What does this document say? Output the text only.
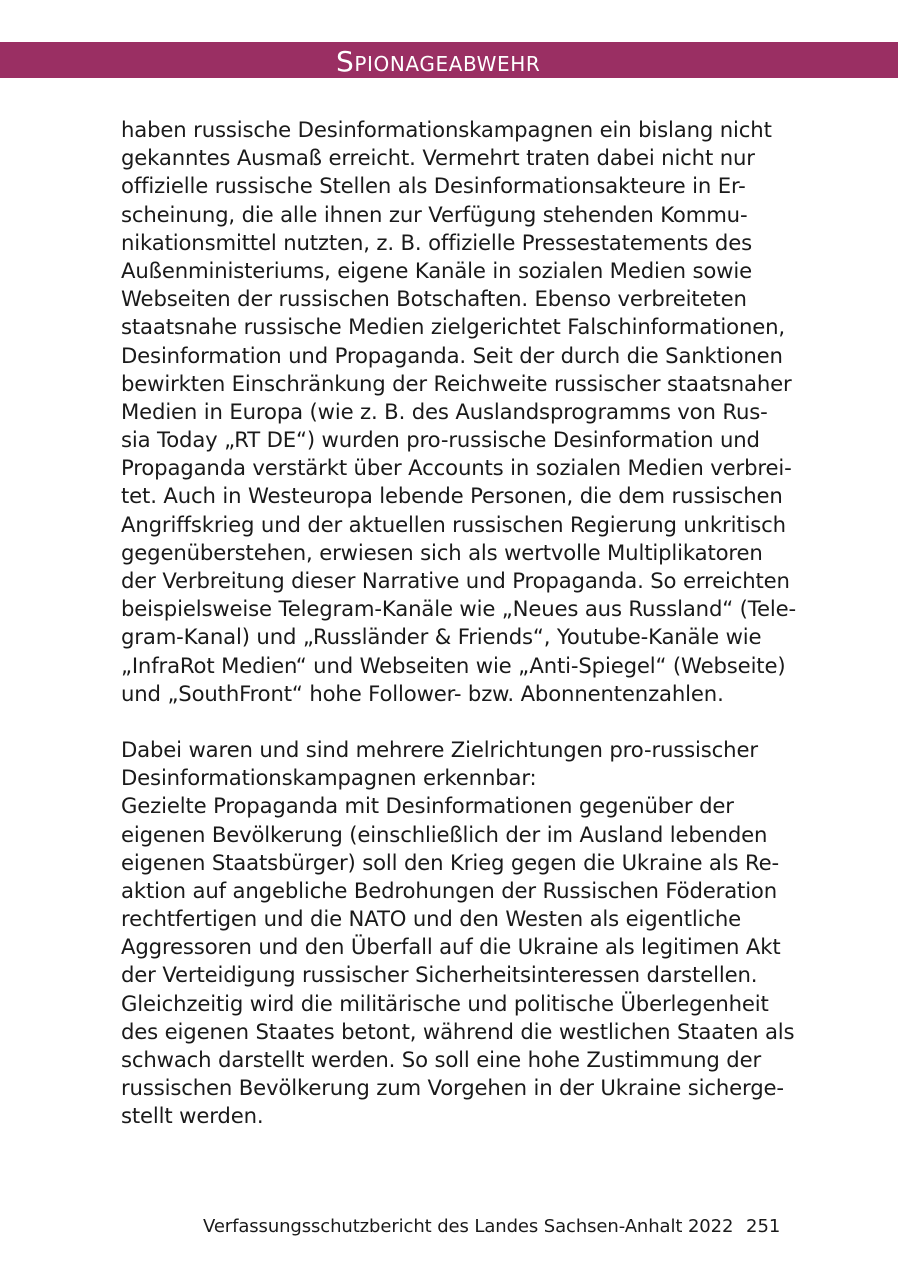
Spionageabwehr
haben russische Desinformationskampagnen ein bislang nicht
gekanntes Ausmaß erreicht. Vermehrt traten dabei nicht nur
offizielle russische Stellen als Desinformationsakteure in Er-
scheinung, die alle ihnen zur Verfügung stehenden Kommu-
nikationsmittel nutzten, z. B. offizielle Pressestatements des
Außenministeriums, eigene Kanäle in sozialen Medien sowie
Webseiten der russischen Botschaften. Ebenso verbreiteten
staatsnahe russische Medien zielgerichtet Falschinformationen,
Desinformation und Propaganda. Seit der durch die Sanktionen
bewirkten Einschränkung der Reichweite russischer staatsnaher
Medien in Europa (wie z. B. des Auslandsprogramms von Rus-
sia Today „RT DE“) wurden pro-russische Desinformation und
Propaganda verstärkt über Accounts in sozialen Medien verbrei-
tet. Auch in Westeuropa lebende Personen, die dem russischen
Angriffskrieg und der aktuellen russischen Regierung unkritisch
gegenüberstehen, erwiesen sich als wertvolle Multiplikatoren
der Verbreitung dieser Narrative und Propaganda. So erreichten
beispielsweise Telegram-Kanäle wie „Neues aus Russland“ (Tele-
gram-Kanal) und „Russländer & Friends“, Youtube-Kanäle wie
„InfraRot Medien“ und Webseiten wie „Anti-Spiegel“ (Webseite)
und „SouthFront“ hohe Follower- bzw. Abonnentenzahlen.
Dabei waren und sind mehrere Zielrichtungen pro-russischer
Desinformationskampagnen erkennbar:
Gezielte Propaganda mit Desinformationen gegenüber der
eigenen Bevölkerung (einschließlich der im Ausland lebenden
eigenen Staatsbürger) soll den Krieg gegen die Ukraine als Re-
aktion auf angebliche Bedrohungen der Russischen Föderation
rechtfertigen und die NATO und den Westen als eigentliche
Aggressoren und den Überfall auf die Ukraine als legitimen Akt
der Verteidigung russischer Sicherheitsinteressen darstellen.
Gleichzeitig wird die militärische und politische Überlegenheit
des eigenen Staates betont, während die westlichen Staaten als
schwach darstellt werden. So soll eine hohe Zustimmung der
russischen Bevölkerung zum Vorgehen in der Ukraine sicherge-
stellt werden.
Verfassungsschutzbericht des Landes Sachsen-Anhalt 2022 251
